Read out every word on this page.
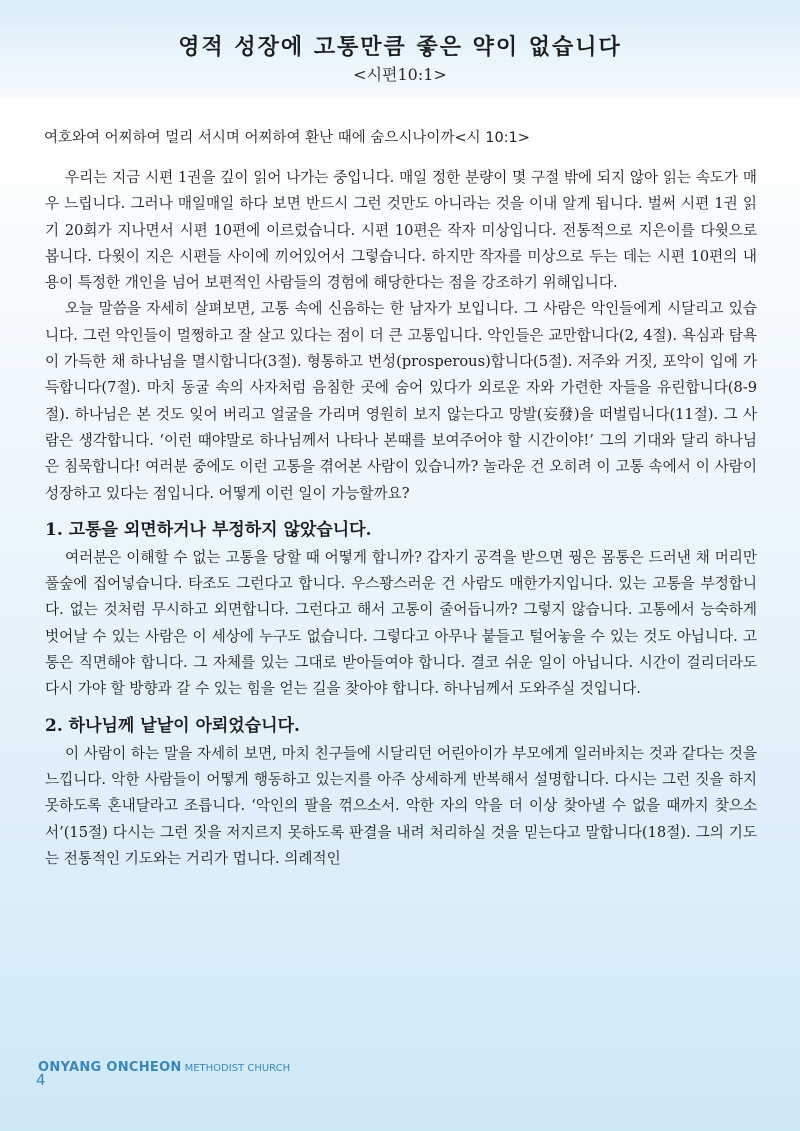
영적 성장에 고통만큼 좋은 약이 없습니다
<시편10:1>
여호와여 어찌하여 멀리 서시며 어찌하여 환난 때에 숨으시나이까<시 10:1>

우리는 지금 시편 1권을 깊이 읽어 나가는 중입니다. 매일 정한 분량이 몇 구절 밖에 되지 않아 읽는 속도가 매우 느립니다. 그러나 매일매일 하다 보면 반드시 그런 것만도 아니라는 것을 이내 알게 됩니다. 벌써 시편 1권 읽기 20회가 지나면서 시편 10편에 이르렀습니다. 시편 10편은 작자 미상입니다. 전통적으로 지은이를 다윗으로 봅니다. 다윗이 지은 시편들 사이에 끼어있어서 그렇습니다. 하지만 작자를 미상으로 두는 데는 시편 10편의 내용이 특정한 개인을 넘어 보편적인 사람들의 경험에 해당한다는 점을 강조하기 위해입니다.

오늘 말씀을 자세히 살펴보면, 고통 속에 신음하는 한 남자가 보입니다. 그 사람은 악인들에게 시달리고 있습니다. 그런 악인들이 멀쩡하고 잘 살고 있다는 점이 더 큰 고통입니다. 악인들은 교만합니다(2, 4절). 욕심과 탐욕이 가득한 채 하나님을 멸시합니다(3절). 형통하고 번성(prosperous)합니다(5절). 저주와 거짓, 포악이 입에 가득합니다(7절). 마치 동굴 속의 사자처럼 음침한 곳에 숨어 있다가 외로운 자와 가련한 자들을 유린합니다(8-9절). 하나님은 본 것도 잊어 버리고 얼굴을 가리며 영원히 보지 않는다고 망발(妄發)을 떠벌립니다(11절). 그 사람은 생각합니다. ‘이런 때야말로 하나님께서 나타나 본때를 보여주어야 할 시간이야!’ 그의 기대와 달리 하나님은 침묵합니다! 여러분 중에도 이런 고통을 겪어본 사람이 있습니까? 놀라운 건 오히려 이 고통 속에서 이 사람이 성장하고 있다는 점입니다. 어떻게 이런 일이 가능할까요?

1. 고통을 외면하거나 부정하지 않았습니다.

여러분은 이해할 수 없는 고통을 당할 때 어떻게 합니까? 갑자기 공격을 받으면 꿩은 몸통은 드러낸 채 머리만 풀숲에 집어넣습니다. 타조도 그런다고 합니다. 우스꽝스러운 건 사람도 매한가지입니다. 있는 고통을 부정합니다. 없는 것처럼 무시하고 외면합니다. 그런다고 해서 고통이 줄어듭니까? 그렇지 않습니다. 고통에서 능숙하게 벗어날 수 있는 사람은 이 세상에 누구도 없습니다. 그렇다고 아무나 붙들고 털어놓을 수 있는 것도 아닙니다. 고통은 직면해야 합니다. 그 자체를 있는 그대로 받아들여야 합니다. 결코 쉬운 일이 아닙니다. 시간이 걸리더라도 다시 가야 할 방향과 갈 수 있는 힘을 얻는 길을 찾아야 합니다. 하나님께서 도와주실 것입니다.

2. 하나님께 낱낱이 아뢰었습니다.

이 사람이 하는 말을 자세히 보면, 마치 친구들에 시달리던 어린아이가 부모에게 일러바치는 것과 같다는 것을 느낍니다. 악한 사람들이 어떻게 행동하고 있는지를 아주 상세하게 반복해서 설명합니다. 다시는 그런 짓을 하지 못하도록 혼내달라고 조릅니다. ‘악인의 팔을 꺾으소서. 악한 자의 악을 더 이상 찾아낼 수 없을 때까지 찾으소서’(15절) 다시는 그런 짓을 저지르지 못하도록 판결을 내려 처리하실 것을 믿는다고 말합니다(18절). 그의 기도는 전통적인 기도와는 거리가 멉니다. 의례적인

ONYANG ONCHEON METHODIST CHURCH
4
